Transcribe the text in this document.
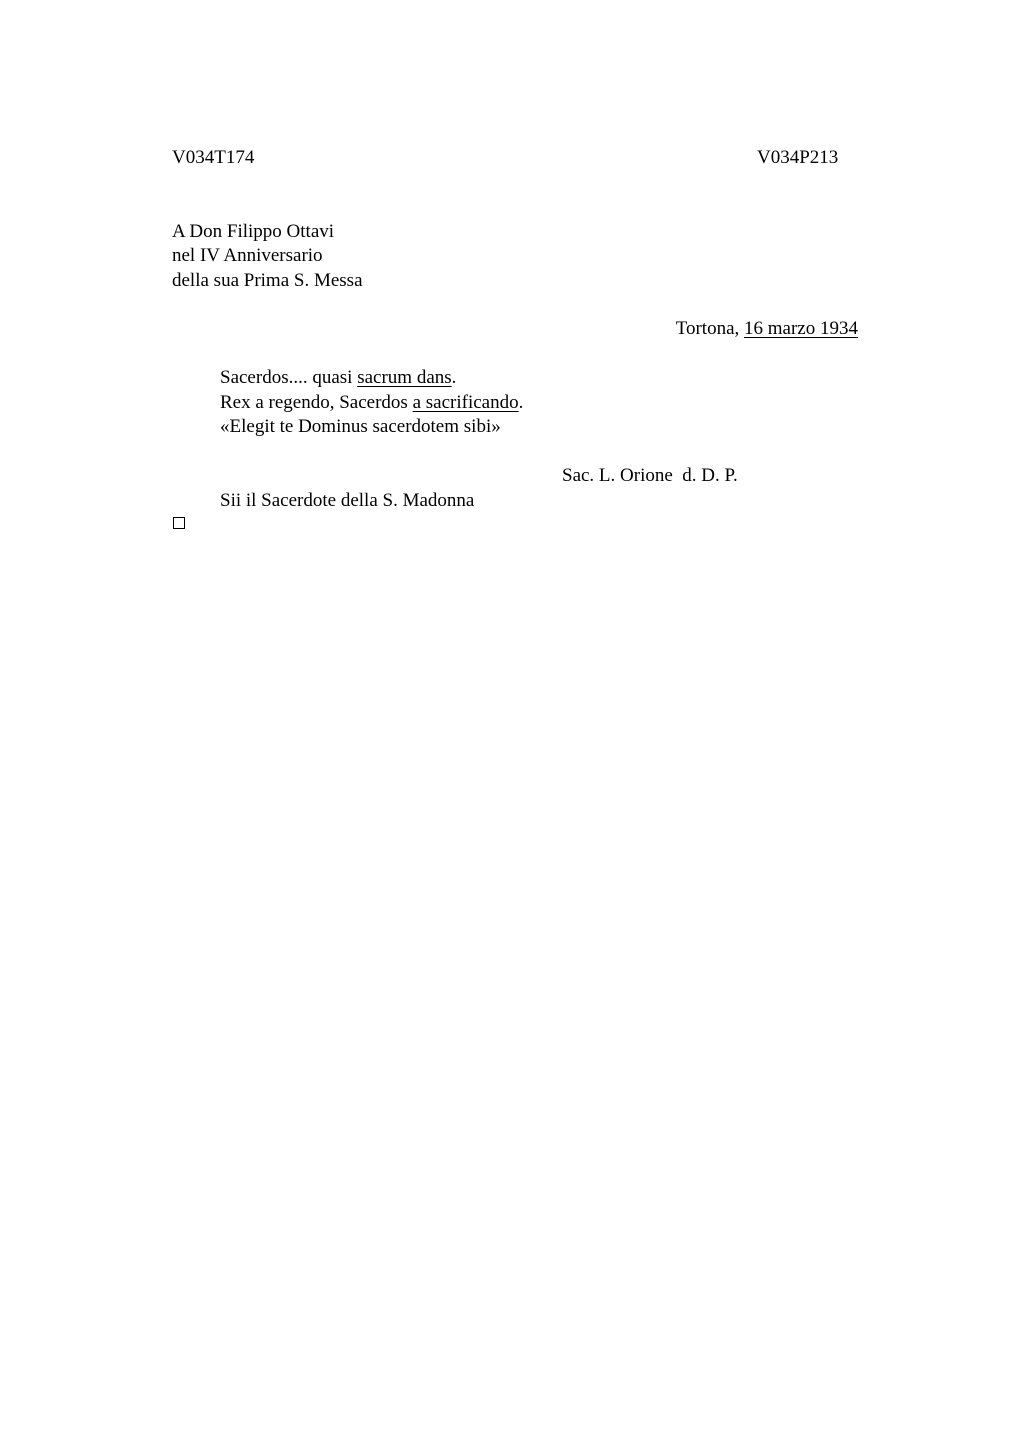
V034T174	V034P213
A Don Filippo Ottavi
nel IV Anniversario
della sua Prima S. Messa
Tortona, 16 marzo 1934
Sacerdos.... quasi sacrum dans.
Rex a regendo, Sacerdos a sacrificando.
«Elegit te Dominus sacerdotem sibi»
Sac. L. Orione  d. D. P.
Sii il Sacerdote della S. Madonna
